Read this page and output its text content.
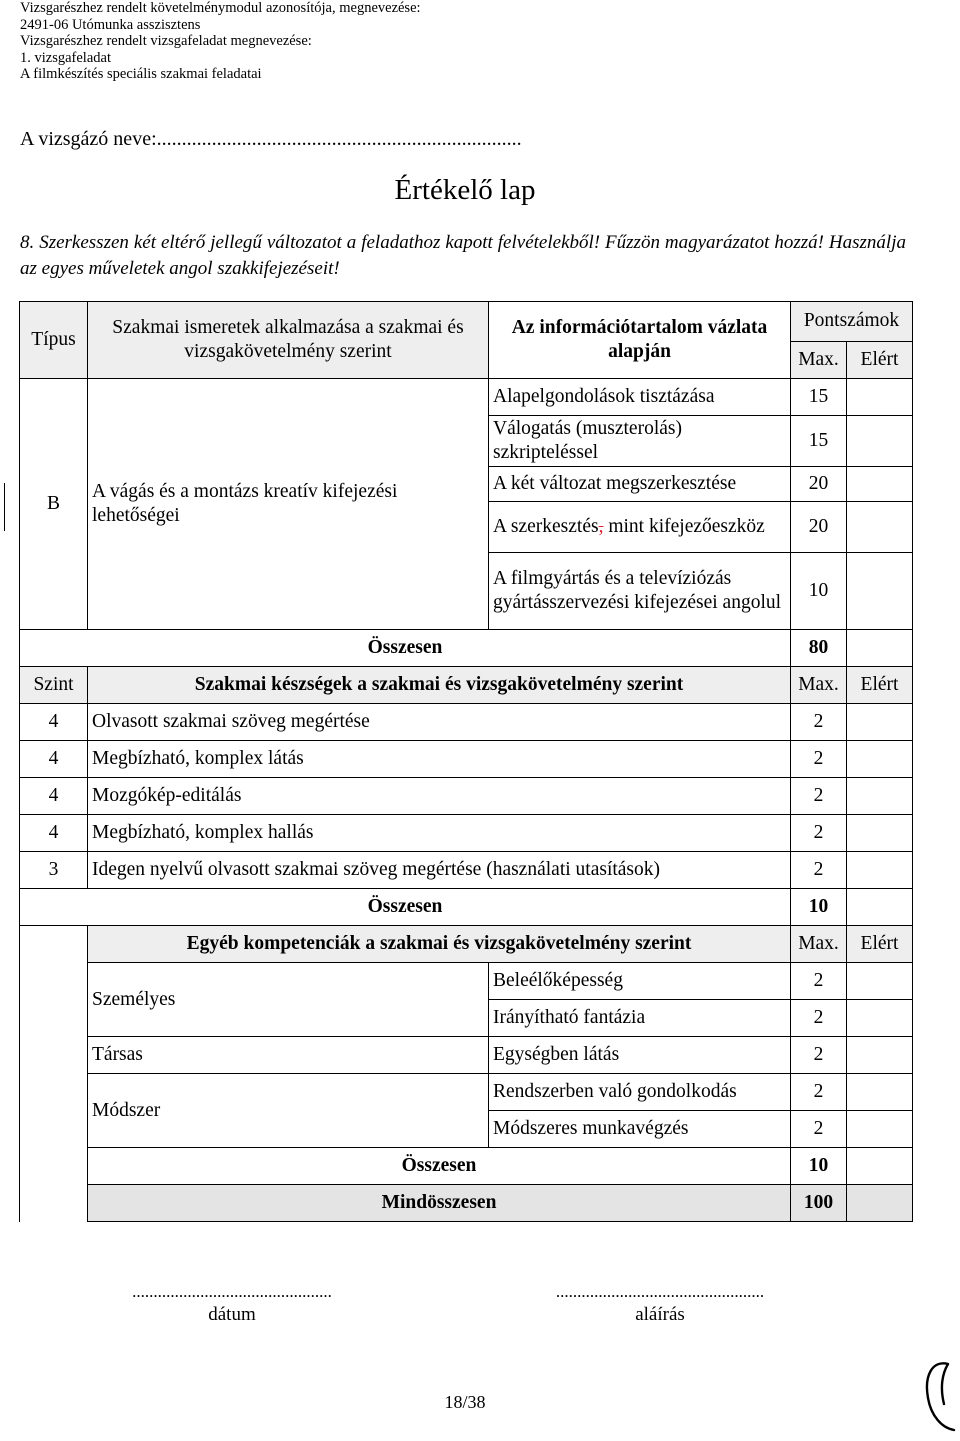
Vizsgarészhez rendelt követelménymodul azonosítója, megnevezése:
2491-06 Utómunka asszisztens
Vizsgarészhez rendelt vizsgafeladat megnevezése:
1. vizsgafeladat
A filmkészítés speciális szakmai feladatai
A vizsgázó neve:.........................................................................
Értékelő lap
8. Szerkesszen két eltérő jellegű változatot a feladathoz kapott felvételekből! Fűzzön magyarázatot hozzá! Használja az egyes műveletek angol szakkifejezéseit!
Típus	Szakmai ismeretek alkalmazása a szakmai és vizsgakövetelmény szerint	Az információtartalom vázlata alapján	Pontszámok	
			Max.	Elért
B	A vágás és a montázs kreatív kifejezési lehetőségei	Alapelgondolások tisztázása	15	
		Válogatás (muszterolás) szkripteléssel	15	
		A két változat megszerkesztése	20	
		A szerkesztés, mint kifejezőeszköz	20	
		A filmgyártás és a televíziózás gyártásszervezési kifejezései angolul	10	
Összesen			80	
Szint	Szakmai készségek a szakmai és vizsgakövetelmény szerint		Max.	Elért
4	Olvasott szakmai szöveg megértése		2	
4	Megbízható, komplex látás		2	
4	Mozgókép-editálás		2	
4	Megbízható, komplex hallás		2	
3	Idegen nyelvű olvasott szakmai szöveg megértése (használati utasítások)		2	
Összesen			10	
	Egyéb kompetenciák a szakmai és vizsgakövetelmény szerint		Max.	Elért
	Személyes	Beleélőképesség	2	
		Irányítható fantázia	2	
	Társas	Egységben látás	2	
	Módszer	Rendszerben való gondolkodás	2	
		Módszeres munkavégzés	2	
	Összesen		10	
	Mindösszesen		100	
...............................................
dátum
.................................................
aláírás
18/38
